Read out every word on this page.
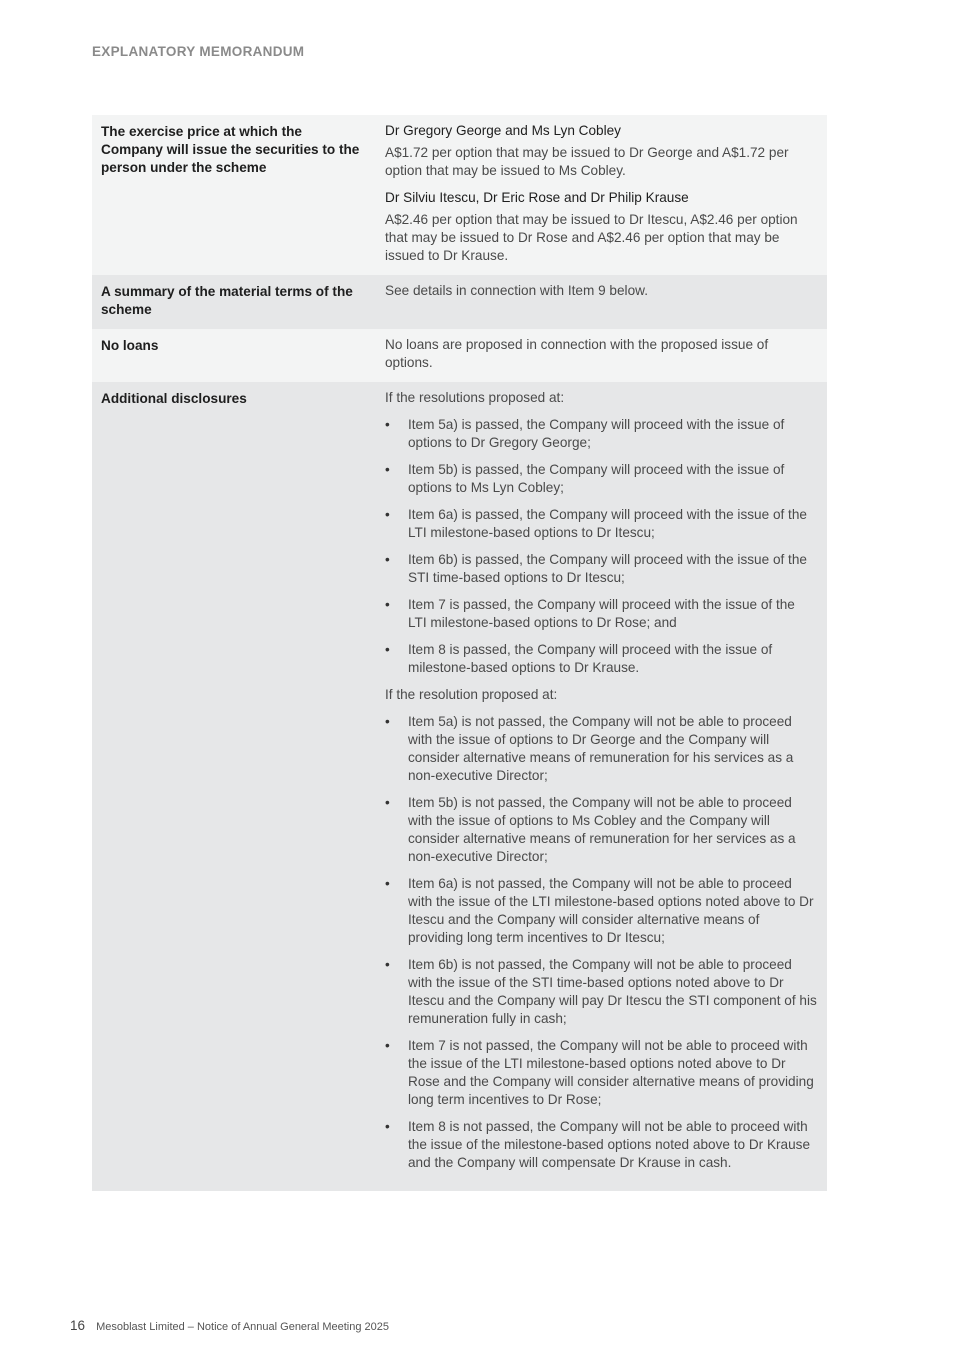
EXPLANATORY MEMORANDUM
The exercise price at which the Company will issue the securities to the person under the scheme

Dr Gregory George and Ms Lyn Cobley

A$1.72 per option that may be issued to Dr George and A$1.72 per option that may be issued to Ms Cobley.

Dr Silviu Itescu, Dr Eric Rose and Dr Philip Krause

A$2.46 per option that may be issued to Dr Itescu, A$2.46 per option that may be issued to Dr Rose and A$2.46 per option that may be issued to Dr Krause.

A summary of the material terms of the scheme

See details in connection with Item 9 below.

No loans	No loans are proposed in connection with the proposed issue of options.

Additional disclosures	If the resolutions proposed at:

• Item 5a) is passed, the Company will proceed with the issue of options to Dr Gregory George;
• Item 5b) is passed, the Company will proceed with the issue of options to Ms Lyn Cobley;
• Item 6a) is passed, the Company will proceed with the issue of the LTI milestone-based options to Dr Itescu;
• Item 6b) is passed, the Company will proceed with the issue of the STI time-based options to Dr Itescu;
• Item 7 is passed, the Company will proceed with the issue of the LTI milestone-based options to Dr Rose; and
• Item 8 is passed, the Company will proceed with the issue of milestone-based options to Dr Krause.

If the resolution proposed at:

• Item 5a) is not passed, the Company will not be able to proceed with the issue of options to Dr George and the Company will consider alternative means of remuneration for his services as a non-executive Director;
• Item 5b) is not passed, the Company will not be able to proceed with the issue of options to Ms Cobley and the Company will consider alternative means of remuneration for her services as a non-executive Director;
• Item 6a) is not passed, the Company will not be able to proceed with the issue of the LTI milestone-based options noted above to Dr Itescu and the Company will consider alternative means of providing long term incentives to Dr Itescu;
• Item 6b) is not passed, the Company will not be able to proceed with the issue of the STI time-based options noted above to Dr Itescu and the Company will pay Dr Itescu the STI component of his remuneration fully in cash;
• Item 7 is not passed, the Company will not be able to proceed with the issue of the LTI milestone-based options noted above to Dr Rose and the Company will consider alternative means of providing long term incentives to Dr Rose;
• Item 8 is not passed, the Company will not be able to proceed with the issue of the milestone-based options noted above to Dr Krause and the Company will compensate Dr Krause in cash.
16 Mesoblast Limited – Notice of Annual General Meeting 2025
